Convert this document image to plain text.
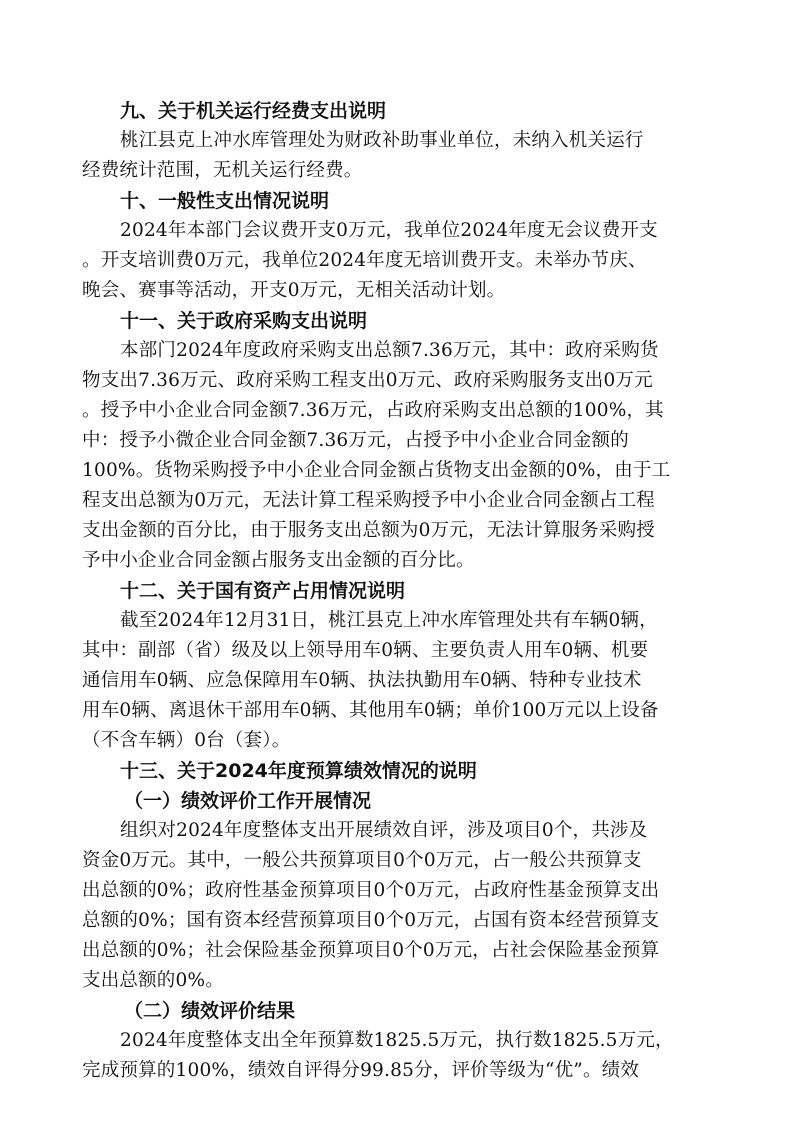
九、关于机关运行经费支出说明
桃江县克上冲水库管理处为财政补助事业单位，未纳入机关运行
经费统计范围，无机关运行经费。
十、一般性支出情况说明
2024年本部门会议费开支0万元，我单位2024年度无会议费开支
。开支培训费0万元，我单位2024年度无培训费开支。未举办节庆、
晚会、赛事等活动，开支0万元，无相关活动计划。
十一、关于政府采购支出说明
本部门2024年度政府采购支出总额7.36万元，其中：政府采购货
物支出7.36万元、政府采购工程支出0万元、政府采购服务支出0万元
。授予中小企业合同金额7.36万元，占政府采购支出总额的100%，其
中：授予小微企业合同金额7.36万元，占授予中小企业合同金额的
100%。货物采购授予中小企业合同金额占货物支出金额的0%，由于工
程支出总额为0万元，无法计算工程采购授予中小企业合同金额占工程
支出金额的百分比，由于服务支出总额为0万元，无法计算服务采购授
予中小企业合同金额占服务支出金额的百分比。
十二、关于国有资产占用情况说明
截至2024年12月31日，桃江县克上冲水库管理处共有车辆0辆，
其中：副部（省）级及以上领导用车0辆、主要负责人用车0辆、机要
通信用车0辆、应急保障用车0辆、执法执勤用车0辆、特种专业技术
用车0辆、离退休干部用车0辆、其他用车0辆；单价100万元以上设备
（不含车辆）0台（套）。
十三、关于2024年度预算绩效情况的说明
（一）绩效评价工作开展情况
组织对2024年度整体支出开展绩效自评，涉及项目0个，共涉及
资金0万元。其中，一般公共预算项目0个0万元，占一般公共预算支
出总额的0%；政府性基金预算项目0个0万元，占政府性基金预算支出
总额的0%；国有资本经营预算项目0个0万元，占国有资本经营预算支
出总额的0%；社会保险基金预算项目0个0万元，占社会保险基金预算
支出总额的0%。
（二）绩效评价结果
2024年度整体支出全年预算数1825.5万元，执行数1825.5万元，
完成预算的100%，绩效自评得分99.85分，评价等级为“优”。绩效
